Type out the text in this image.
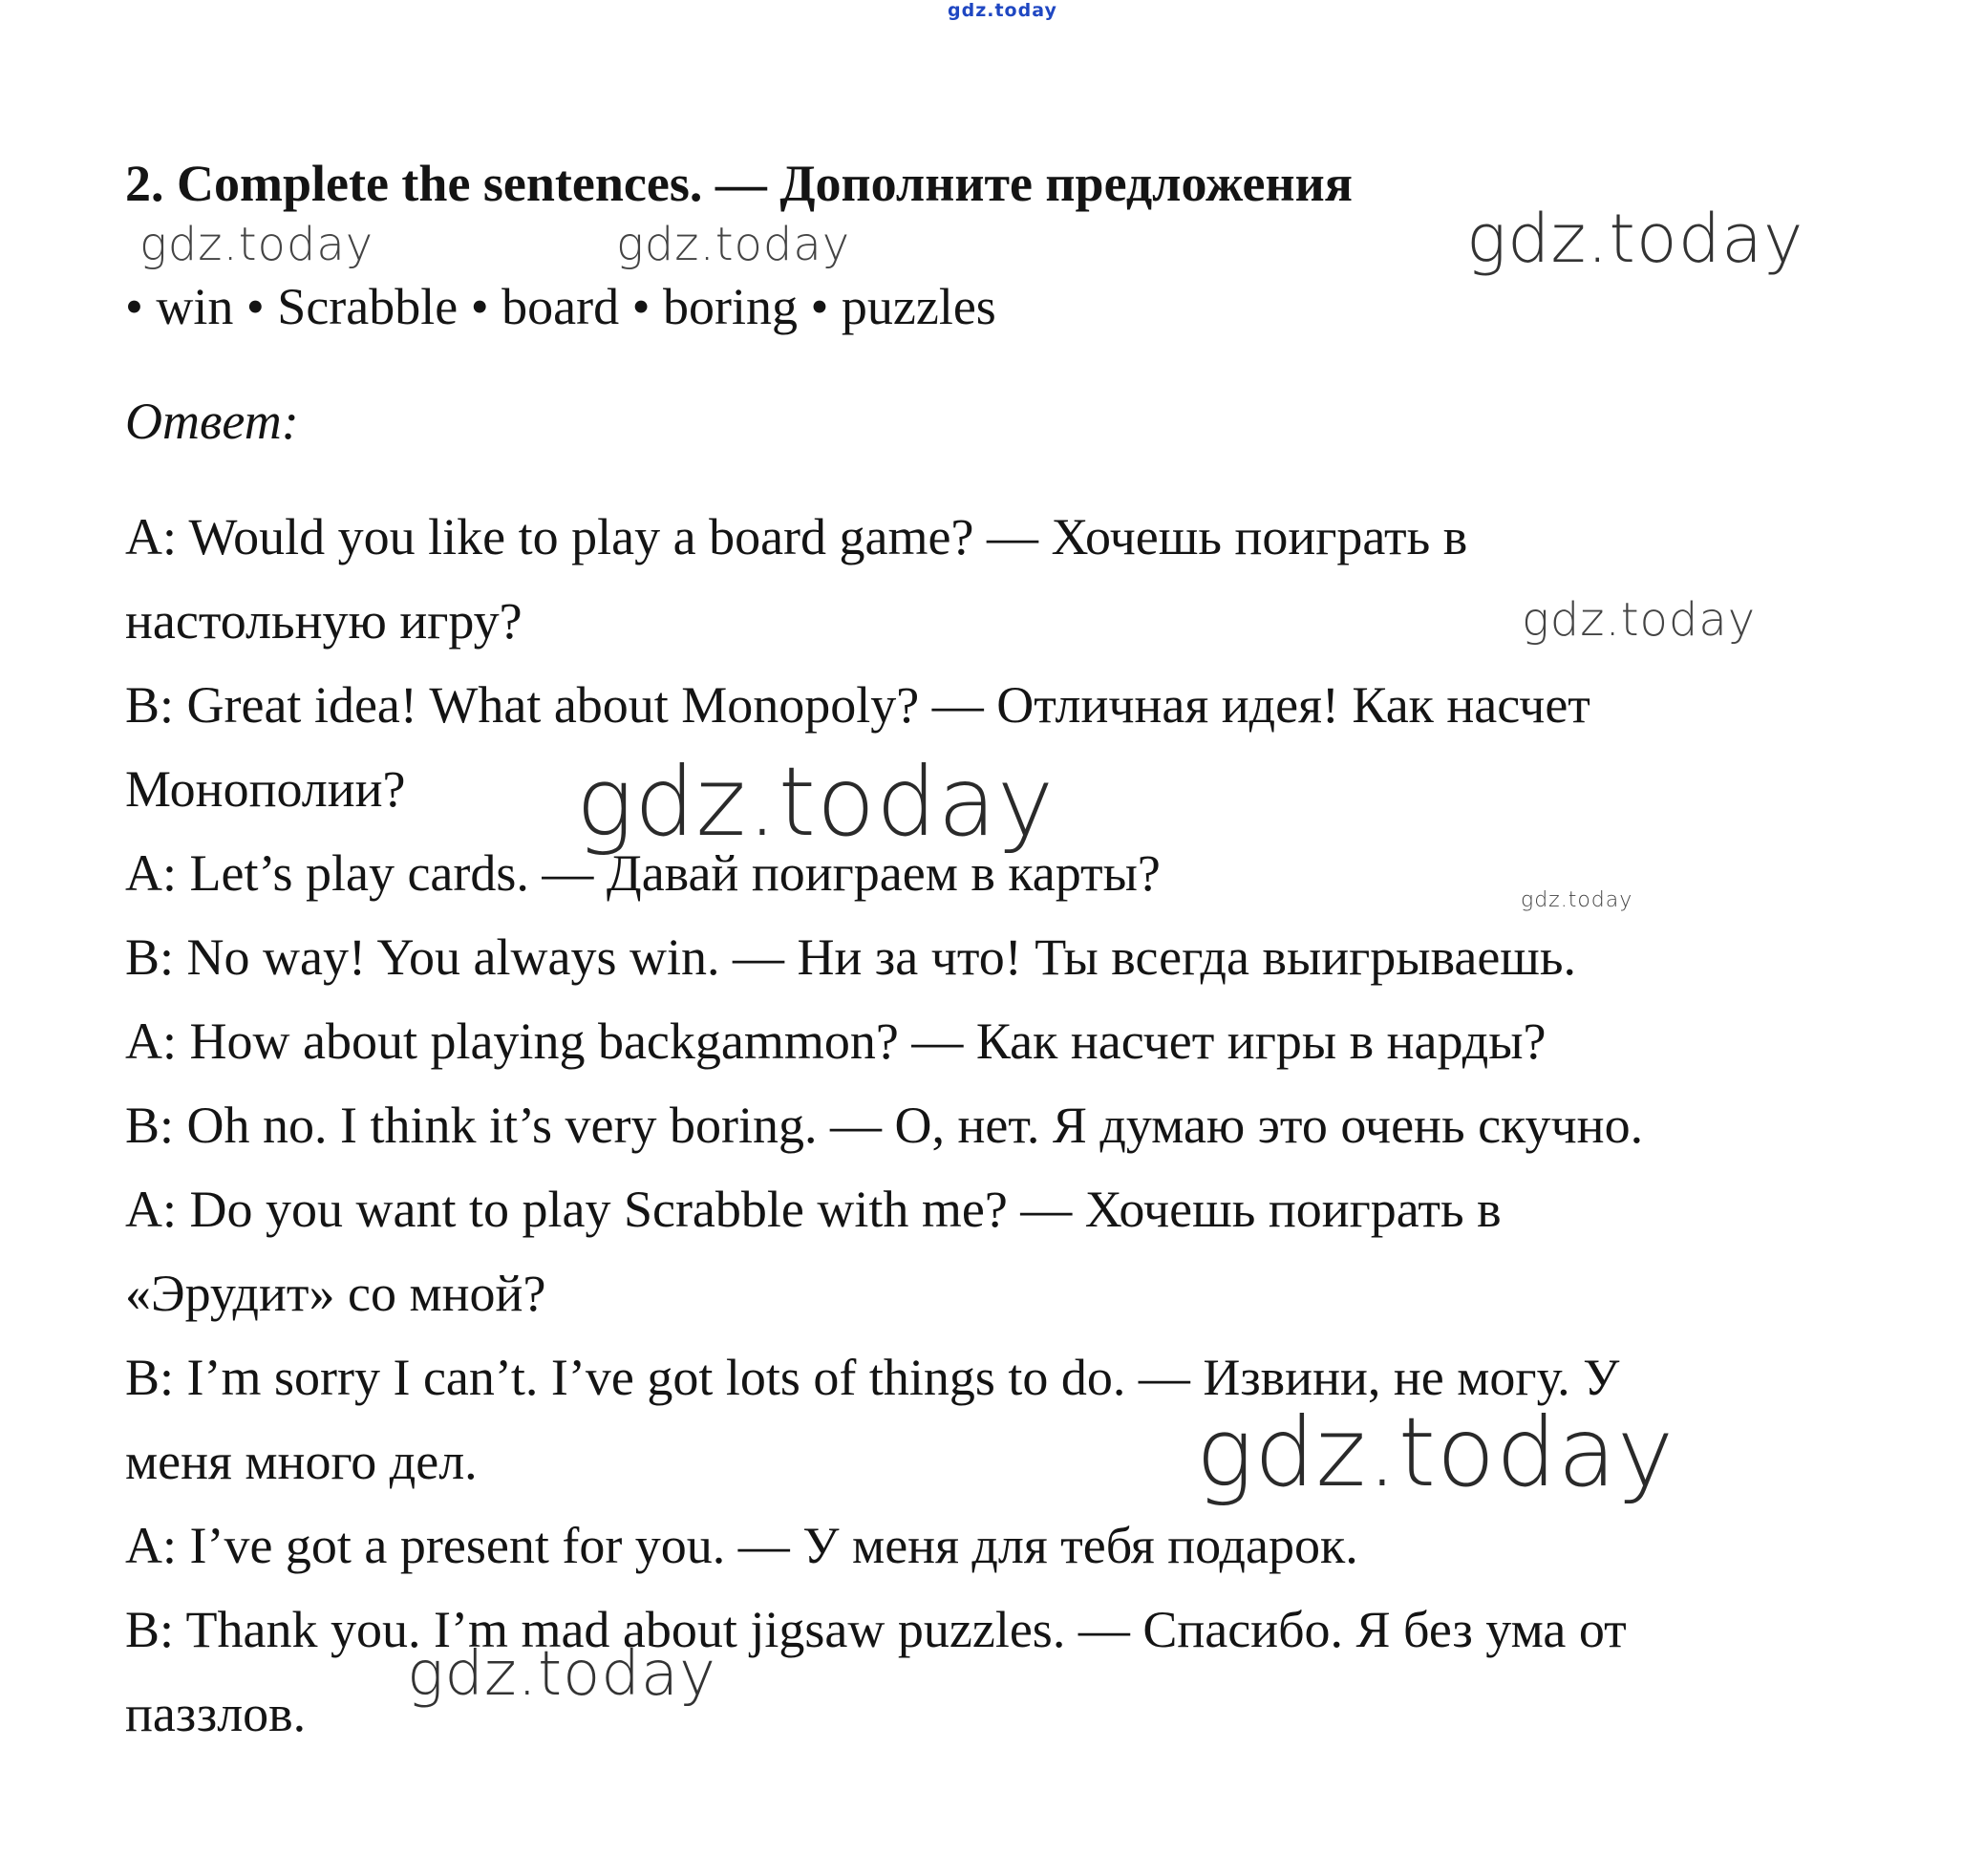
gdz.today
2. Complete the sentences. — Дополните предложения
gdz.today	gdz.today	gdz.today
• win • Scrabble • board • boring • puzzles
Ответ:
A: Would you like to play a board game? — Хочешь поиграть в
настольную игру?
B: Great idea! What about Monopoly? — Отличная идея! Как насчет
Монополии?
A: Let’s play cards. — Давай поиграем в карты?
B: No way! You always win. — Ни за что! Ты всегда выигрываешь.
A: How about playing backgammon? — Как насчет игры в нарды?
B: Oh no. I think it’s very boring. — О, нет. Я думаю это очень скучно.
A: Do you want to play Scrabble with me? — Хочешь поиграть в
«Эрудит» со мной?
B: I’m sorry I can’t. I’ve got lots of things to do. — Извини, не могу. У
меня много дел.
A: I’ve got a present for you. — У меня для тебя подарок.
B: Thank you. I’m mad about jigsaw puzzles. — Спасибо. Я без ума от
паззлов.
gdz.today
gdz.today
gdz.today
gdz.today
gdz.today
